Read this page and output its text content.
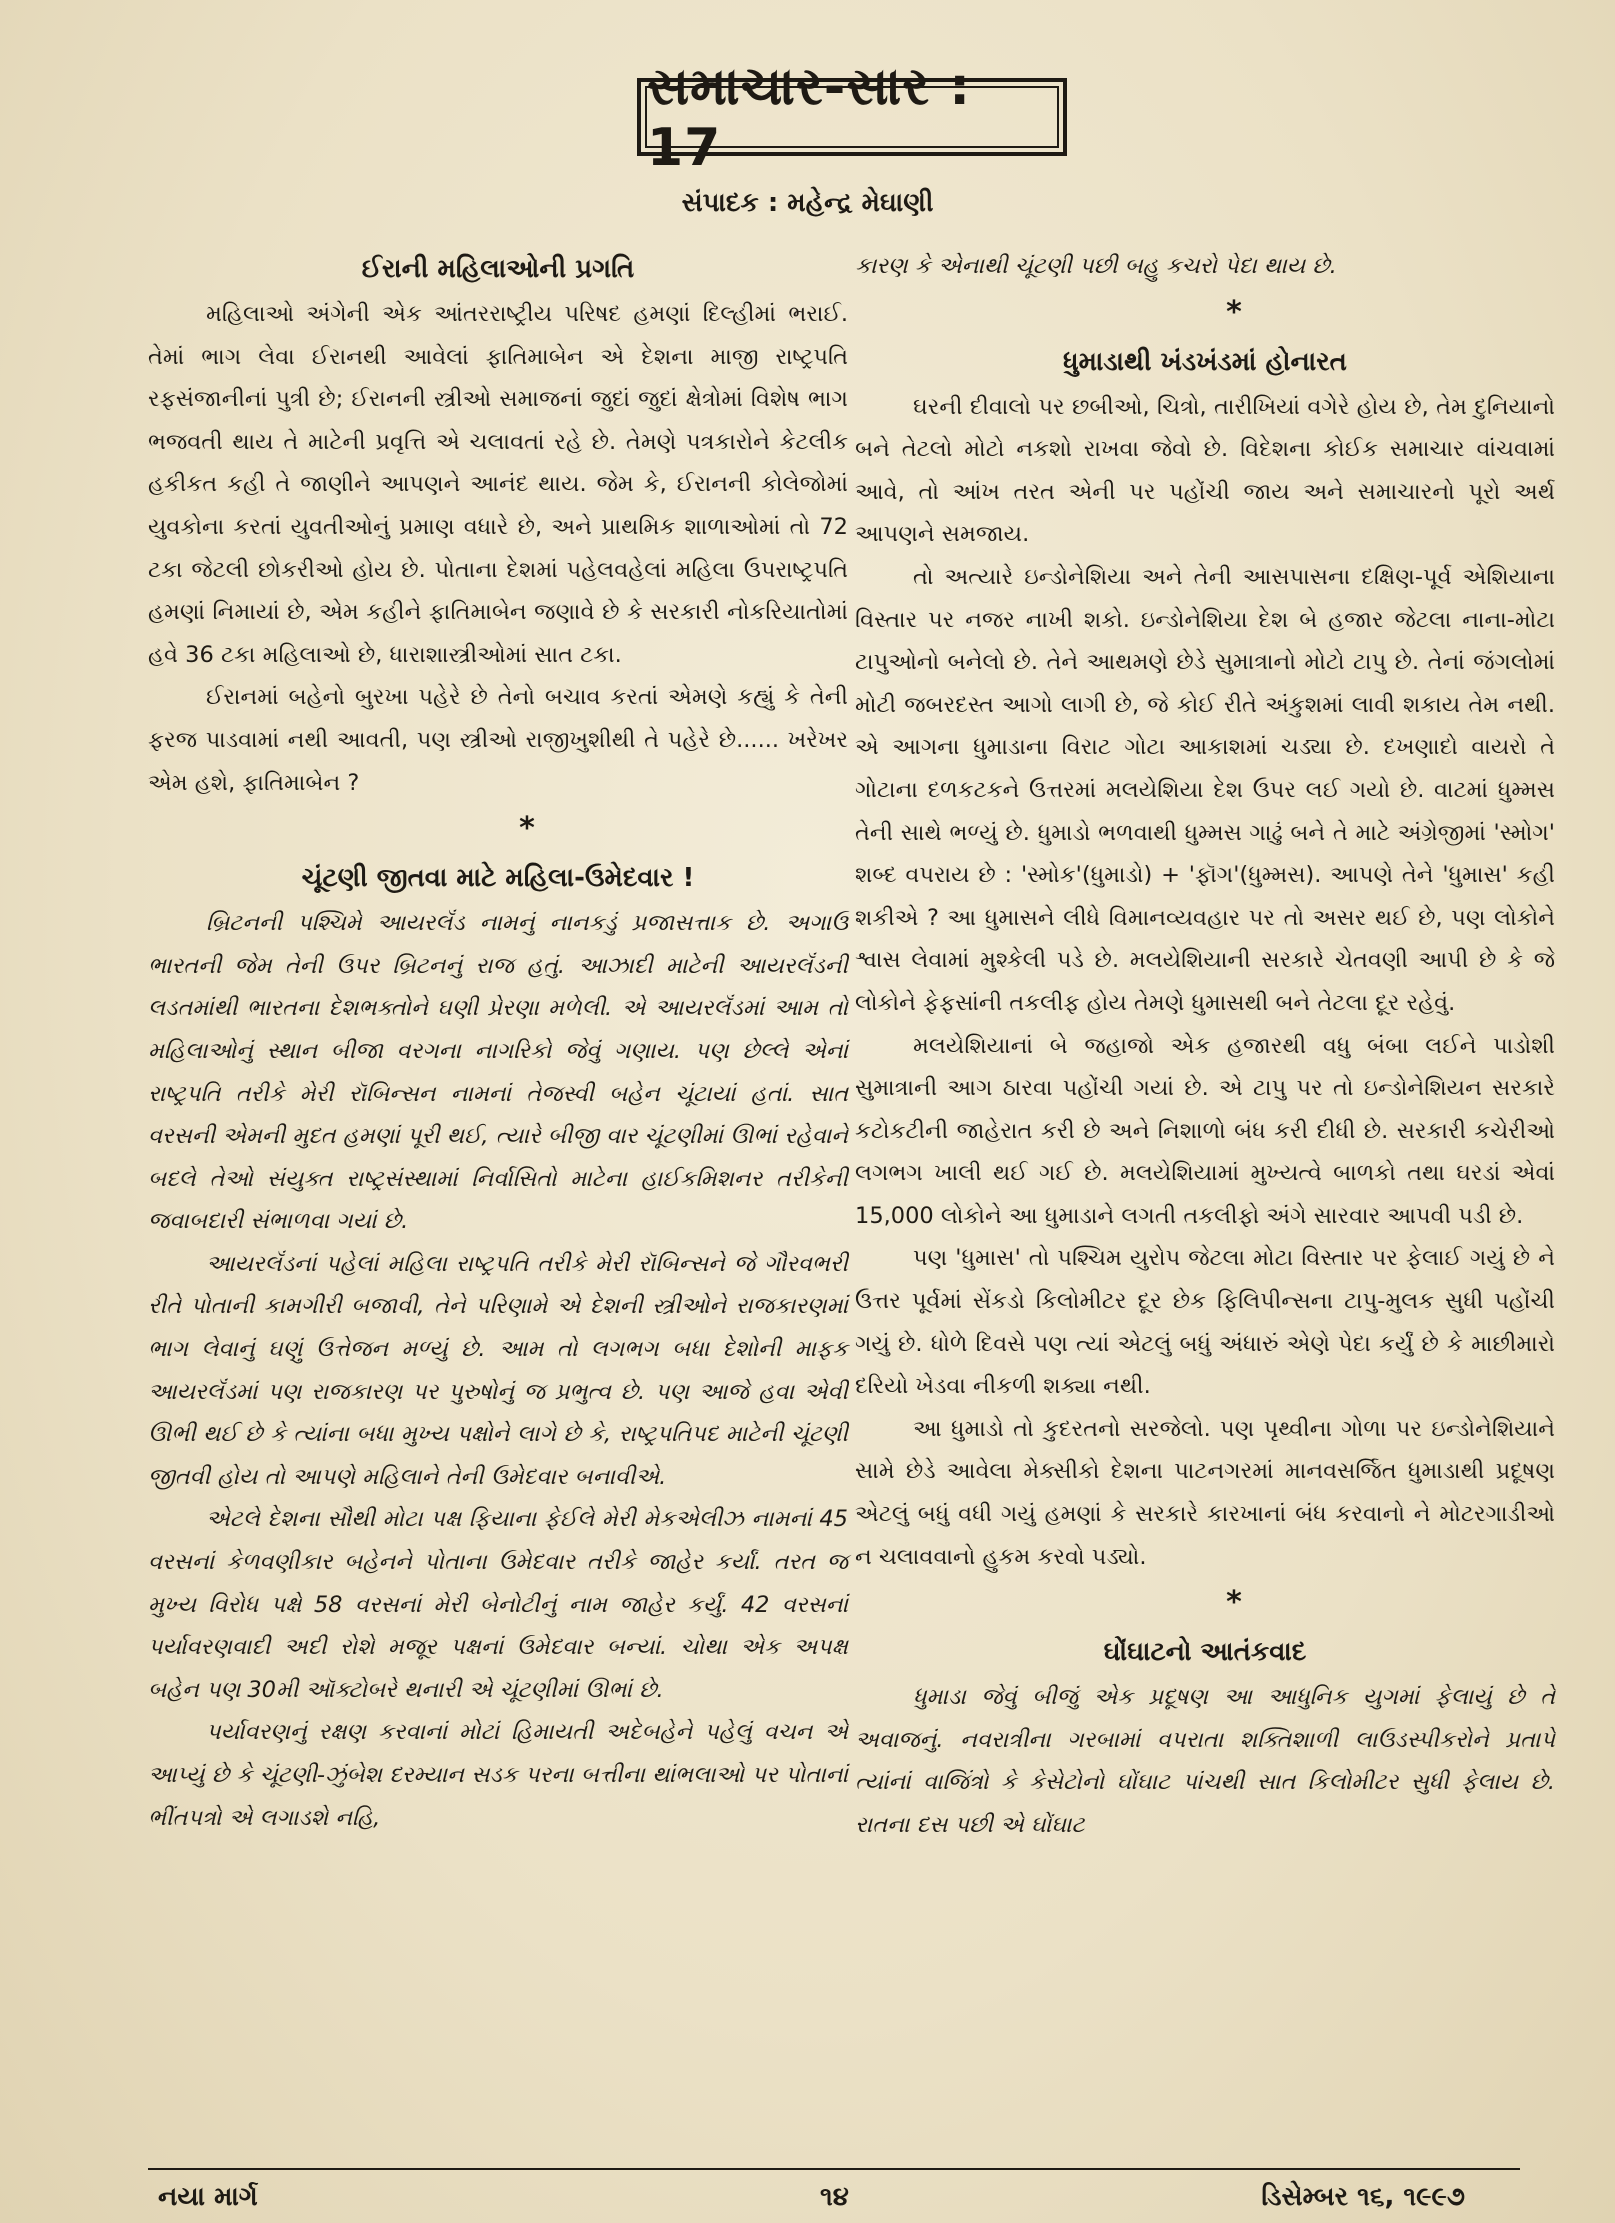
સમાચાર-સાર : 17
સંપાદક : મહેન્દ્ર મેઘાણી
ઈરાની મહિલાઓની પ્રગતિ

મહિલાઓ અંગેની એક આંતરરાષ્ટ્રીય પરિષદ હમણાં દિલ્હીમાં ભરાઈ. તેમાં ભાગ લેવા ઈરાનથી આવેલાં ફાતિમાબેન એ દેશના માજી રાષ્ટ્રપતિ રફસંજાનીનાં પુત્રી છે; ઈરાનની સ્ત્રીઓ સમાજનાં જુદાં જુદાં ક્ષેત્રોમાં વિશેષ ભાગ ભજવતી થાય તે માટેની પ્રવૃત્તિ એ ચલાવતાં રહે છે. તેમણે પત્રકારોને કેટલીક હકીકત કહી તે જાણીને આપણને આનંદ થાય. જેમ કે, ઈરાનની કોલેજોમાં યુવકોના કરતાં યુવતીઓનું પ્રમાણ વધારે છે, અને પ્રાથમિક શાળાઓમાં તો 72 ટકા જેટલી છોકરીઓ હોય છે. પોતાના દેશમાં પહેલવહેલાં મહિલા ઉપરાષ્ટ્રપતિ હમણાં નિમાયાં છે, એમ કહીને ફાતિમાબેન જણાવે છે કે સરકારી નોકરિયાતોમાં હવે 36 ટકા મહિલાઓ છે, ધારાશાસ્ત્રીઓમાં સાત ટકા.

ઈરાનમાં બહેનો બુરખા પહેરે છે તેનો બચાવ કરતાં એમણે કહ્યું કે તેની ફરજ પાડવામાં નથી આવતી, પણ સ્ત્રીઓ રાજીખુશીથી તે પહેરે છે...... ખરેખર એમ હશે, ફાતિમાબેન ?

*

ચૂંટણી જીતવા માટે મહિલા-ઉમેદવાર !

બ્રિટનની પશ્ચિમે આયરલૅંડ નામનું નાનકડું પ્રજાસત્તાક છે. અગાઉ ભારતની જેમ તેની ઉપર બ્રિટનનું રાજ હતું. આઝાદી માટેની આયરલૅંડની લડતમાંથી ભારતના દેશભક્તોને ઘણી પ્રેરણા મળેલી. એ આયરલૅંડમાં આમ તો મહિલાઓનું સ્થાન બીજા વરગના નાગરિકો જેવું ગણાય. પણ છેલ્લે એનાં રાષ્ટ્રપતિ તરીકે મેરી રૉબિન્સન નામનાં તેજસ્વી બહેન ચૂંટાયાં હતાં. સાત વરસની એમની મુદત હમણાં પૂરી થઈ, ત્યારે બીજી વાર ચૂંટણીમાં ઊભાં રહેવાને બદલે તેઓ સંયુક્ત રાષ્ટ્રસંસ્થામાં નિર્વાસિતો માટેના હાઈકમિશનર તરીકેની જવાબદારી સંભાળવા ગયાં છે.

આયરલૅંડનાં પહેલાં મહિલા રાષ્ટ્રપતિ તરીકે મેરી રૉબિન્સને જે ગૌરવભરી રીતે પોતાની કામગીરી બજાવી, તેને પરિણામે એ દેશની સ્ત્રીઓને રાજકારણમાં ભાગ લેવાનું ઘણું ઉત્તેજન મળ્યું છે. આમ તો લગભગ બધા દેશોની માફક આયરલૅંડમાં પણ રાજકારણ પર પુરુષોનું જ પ્રભુત્વ છે. પણ આજે હવા એવી ઊભી થઈ છે કે ત્યાંના બધા મુખ્ય પક્ષોને લાગે છે કે, રાષ્ટ્રપતિપદ માટેની ચૂંટણી જીતવી હોય તો આપણે મહિલાને તેની ઉમેદવાર બનાવીએ.

એટલે દેશના સૌથી મોટા પક્ષ ફિયાના ફેઈલે મેરી મેકએલીઝ નામનાં 45 વરસનાં કેળવણીકાર બહેનને પોતાના ઉમેદવાર તરીકે જાહેર કર્યાં. તરત જ મુખ્ય વિરોધ પક્ષે 58 વરસનાં મેરી બેનોટીનું નામ જાહેર કર્યું. 42 વરસનાં પર્યાવરણવાદી અદી રોશે મજૂર પક્ષનાં ઉમેદવાર બન્યાં. ચોથા એક અપક્ષ બહેન પણ 30મી ઑક્ટોબરે થનારી એ ચૂંટણીમાં ઊભાં છે.

પર્યાવરણનું રક્ષણ કરવાનાં મોટાં હિમાયતી અદેબહેને પહેલું વચન એ આપ્યું છે કે ચૂંટણી-ઝુંબેશ દરમ્યાન સડક પરના બત્તીના થાંભલાઓ પર પોતાનાં ભીંતપત્રો એ લગાડશે નહિ,

કારણ કે એનાથી ચૂંટણી પછી બહુ કચરો પેદા થાય છે.

*

ધુમાડાથી ખંડખંડમાં હોનારત

ઘરની દીવાલો પર છબીઓ, ચિત્રો, તારીખિયાં વગેરે હોય છે, તેમ દુનિયાનો બને તેટલો મોટો નકશો રાખવા જેવો છે. વિદેશના કોઈક સમાચાર વાંચવામાં આવે, તો આંખ તરત એની પર પહોંચી જાય અને સમાચારનો પૂરો અર્થ આપણને સમજાય.

તો અત્યારે ઇન્ડોનેશિયા અને તેની આસપાસના દક્ષિણ-પૂર્વ એશિયાના વિસ્તાર પર નજર નાખી શકો. ઇન્ડોનેશિયા દેશ બે હજાર જેટલા નાના-મોટા ટાપુઓનો બનેલો છે. તેને આથમણે છેડે સુમાત્રાનો મોટો ટાપુ છે. તેનાં જંગલોમાં મોટી જબરદસ્ત આગો લાગી છે, જે કોઈ રીતે અંકુશમાં લાવી શકાય તેમ નથી. એ આગના ધુમાડાના વિરાટ ગોટા આકાશમાં ચડ્યા છે. દખણાદો વાયરો તે ગોટાના દળકટકને ઉત્તરમાં મલયેશિયા દેશ ઉપર લઈ ગયો છે. વાટમાં ધુમ્મસ તેની સાથે ભળ્યું છે. ધુમાડો ભળવાથી ધુમ્મસ ગાઢું બને તે માટે અંગ્રેજીમાં 'સ્મોગ' શબ્દ વપરાય છે : 'સ્મોક'(ધુમાડો) + 'ફૉગ'(ધુમ્મસ). આપણે તેને 'ધુમાસ' કહી શકીએ ? આ ધુમાસને લીધે વિમાનવ્યવહાર પર તો અસર થઈ છે, પણ લોકોને શ્વાસ લેવામાં મુશ્કેલી પડે છે. મલયેશિયાની સરકારે ચેતવણી આપી છે કે જે લોકોને ફેફસાંની તકલીફ હોય તેમણે ધુમાસથી બને તેટલા દૂર રહેવું.

મલયેશિયાનાં બે જહાજો એક હજારથી વધુ બંબા લઈને પાડોશી સુમાત્રાની આગ ઠારવા પહોંચી ગયાં છે. એ ટાપુ પર તો ઇન્ડોનેશિયન સરકારે કટોકટીની જાહેરાત કરી છે અને નિશાળો બંધ કરી દીધી છે. સરકારી કચેરીઓ લગભગ ખાલી થઈ ગઈ છે. મલયેશિયામાં મુખ્યત્વે બાળકો તથા ઘરડાં એવાં 15,000 લોકોને આ ધુમાડાને લગતી તકલીફો અંગે સારવાર આપવી પડી છે.

પણ 'ધુમાસ' તો પશ્ચિમ યુરોપ જેટલા મોટા વિસ્તાર પર ફેલાઈ ગયું છે ને ઉત્તર પૂર્વમાં સેંકડો કિલોમીટર દૂર છેક ફિલિપીન્સના ટાપુ-મુલક સુધી પહોંચી ગયું છે. ધોળે દિવસે પણ ત્યાં એટલું બધું અંધારું એણે પેદા કર્યું છે કે માછીમારો દરિયો ખેડવા નીકળી શક્યા નથી.

આ ધુમાડો તો કુદરતનો સરજેલો. પણ પૃથ્વીના ગોળા પર ઇન્ડોનેશિયાને સામે છેડે આવેલા મેક્સીકો દેશના પાટનગરમાં માનવસર્જિત ધુમાડાથી પ્રદૂષણ એટલું બધું વધી ગયું હમણાં કે સરકારે કારખાનાં બંધ કરવાનો ને મોટરગાડીઓ ન ચલાવવાનો હુકમ કરવો પડ્યો.

*

ઘોંઘાટનો આતંકવાદ

ધુમાડા જેવું બીજું એક પ્રદૂષણ આ આધુનિક યુગમાં ફેલાયું છે તે અવાજનું. નવરાત્રીના ગરબામાં વપરાતા શક્તિશાળી લાઉડસ્પીકરોને પ્રતાપે ત્યાંનાં વાજિંત્રો કે કેસેટોનો ઘોંઘાટ પાંચથી સાત કિલોમીટર સુધી ફેલાય છે. રાતના દસ પછી એ ઘોંઘાટ

નયા માર્ગ	૧૪	ડિસેમ્બર ૧૬, ૧૯૯૭
